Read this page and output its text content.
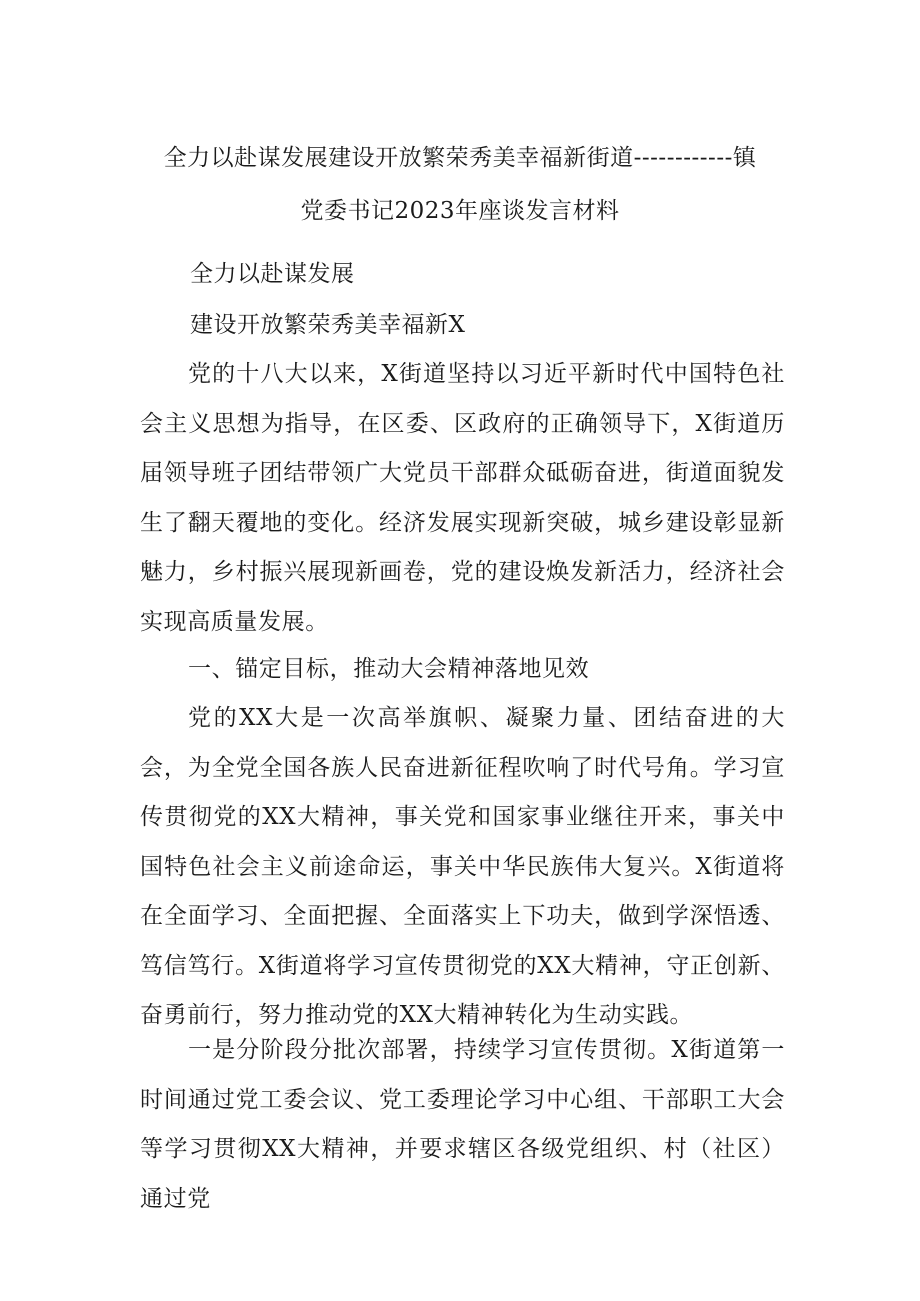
全力以赴谋发展建设开放繁荣秀美幸福新街道------------镇
党委书记2023年座谈发言材料
全力以赴谋发展
建设开放繁荣秀美幸福新X

党的十八大以来，X街道坚持以习近平新时代中国特色社会主义思想为指导，在区委、区政府的正确领导下，X街道历届领导班子团结带领广大党员干部群众砥砺奋进，街道面貌发生了翻天覆地的变化。经济发展实现新突破，城乡建设彰显新魅力，乡村振兴展现新画卷，党的建设焕发新活力，经济社会实现高质量发展。

一、锚定目标，推动大会精神落地见效

党的XX大是一次高举旗帜、凝聚力量、团结奋进的大会，为全党全国各族人民奋进新征程吹响了时代号角。学习宣传贯彻党的XX大精神，事关党和国家事业继往开来，事关中国特色社会主义前途命运，事关中华民族伟大复兴。X街道将在全面学习、全面把握、全面落实上下功夫，做到学深悟透、笃信笃行。X街道将学习宣传贯彻党的XX大精神，守正创新、奋勇前行，努力推动党的XX大精神转化为生动实践。

一是分阶段分批次部署，持续学习宣传贯彻。X街道第一时间通过党工委会议、党工委理论学习中心组、干部职工大会等学习贯彻XX大精神，并要求辖区各级党组织、村（社区）通过党
